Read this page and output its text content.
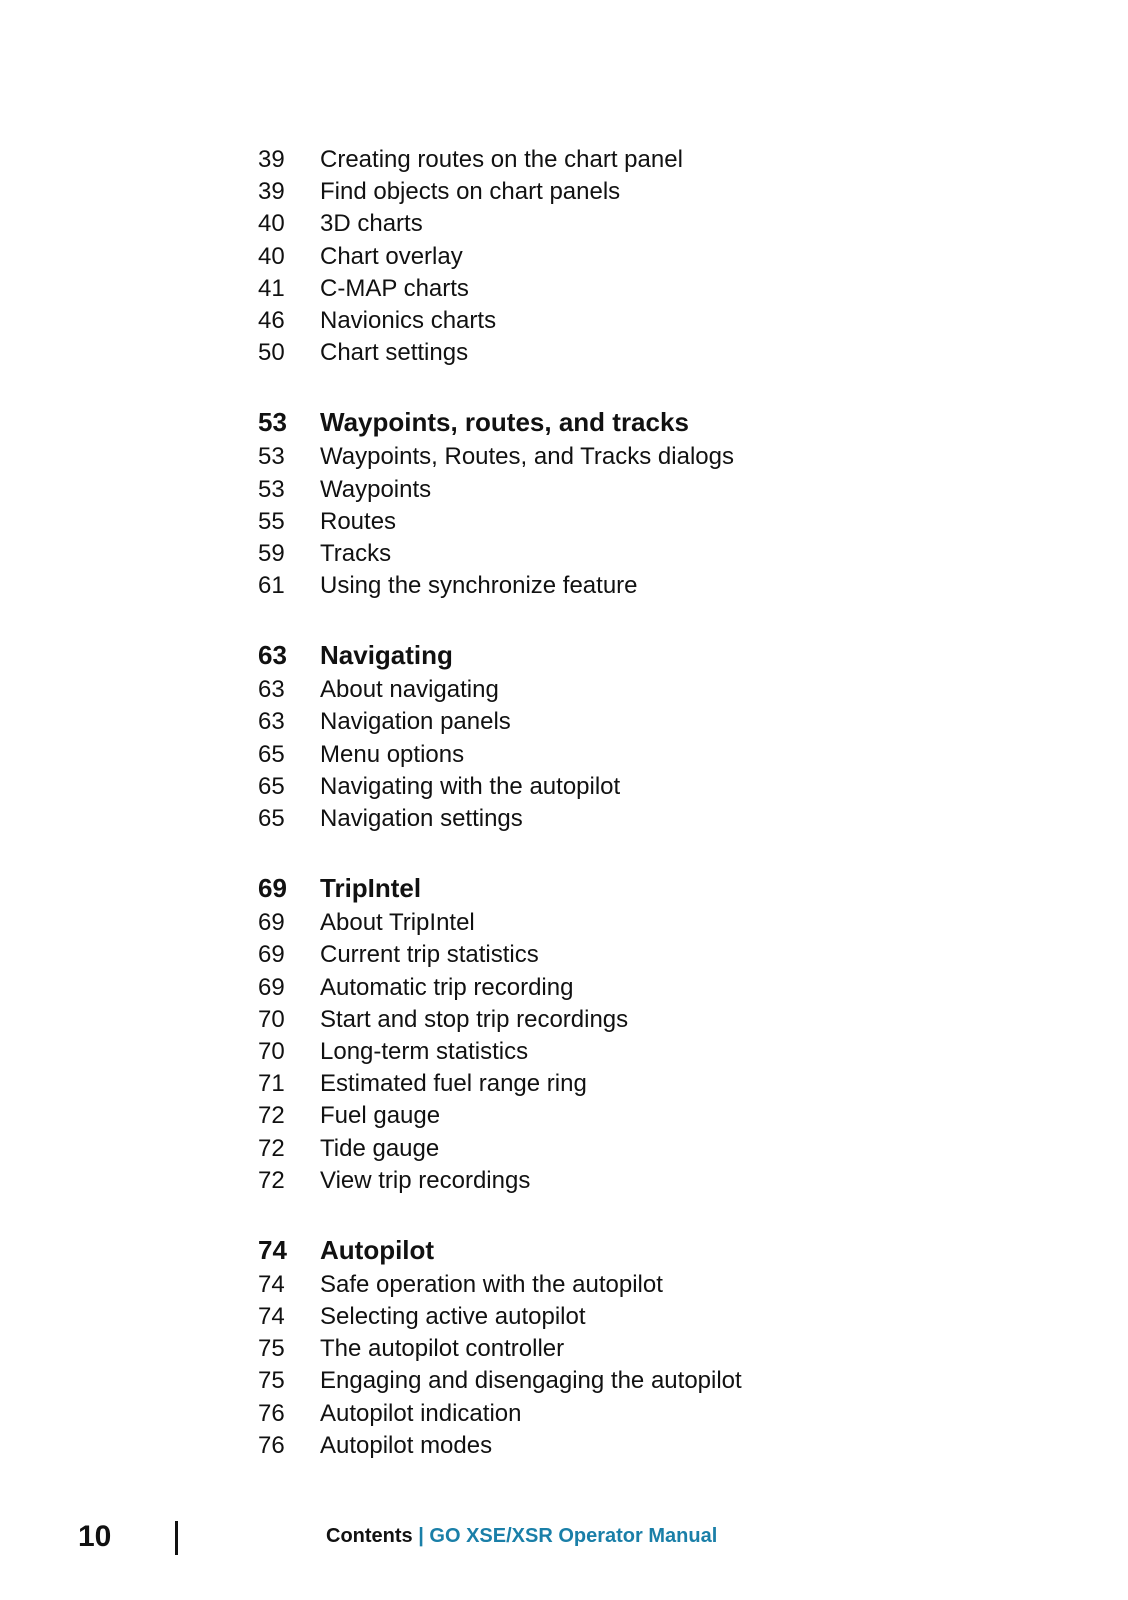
39	Creating routes on the chart panel
39	Find objects on chart panels
40	3D charts
40	Chart overlay
41	C-MAP charts
46	Navionics charts
50	Chart settings
53	Waypoints, routes, and tracks
53	Waypoints, Routes, and Tracks dialogs
53	Waypoints
55	Routes
59	Tracks
61	Using the synchronize feature
63	Navigating
63	About navigating
63	Navigation panels
65	Menu options
65	Navigating with the autopilot
65	Navigation settings
69	TripIntel
69	About TripIntel
69	Current trip statistics
69	Automatic trip recording
70	Start and stop trip recordings
70	Long-term statistics
71	Estimated fuel range ring
72	Fuel gauge
72	Tide gauge
72	View trip recordings
74	Autopilot
74	Safe operation with the autopilot
74	Selecting active autopilot
75	The autopilot controller
75	Engaging and disengaging the autopilot
76	Autopilot indication
76	Autopilot modes
10	Contents | GO XSE/XSR Operator Manual
